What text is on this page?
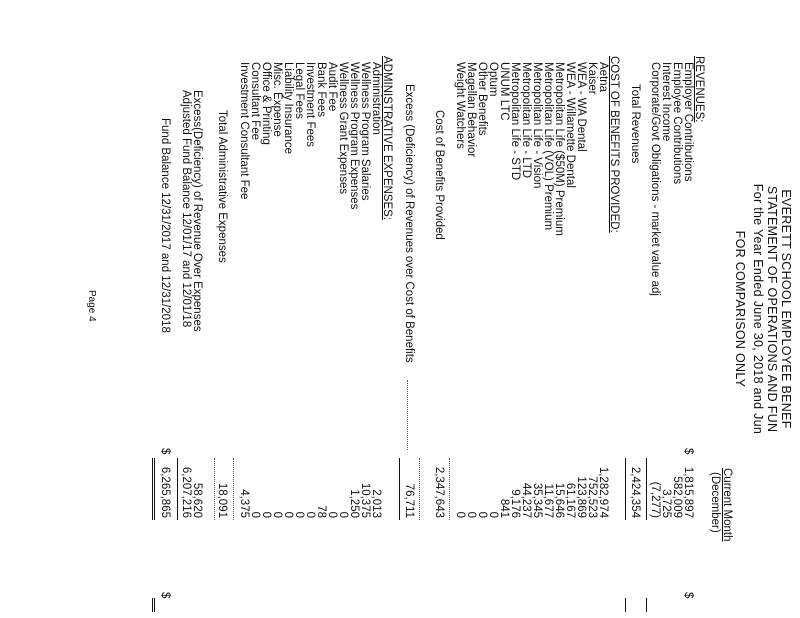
EVERETT SCHOOL EMPLOYEE BENEF
STATEMENT OF OPERATIONS AND FUN
For the Year Ended June 30, 2018 and Jun
FOR COMPARISON ONLY
Current Month
(December)
REVENUES:
Employer Contributions
$
1,815,897
$
Employee Contributions
582,009
Interest Income
3,725
Corporate/Govt Obligations - market value adj
(7,277)
Total Revenues
2,424,354
COST OF BENEFITS PROVIDED:
Aetna
1,282,974
Kaiser
752,523
WEA - WA Dental
123,869
WEA - Willamette Dental
61,167
Metropolitan Life ($50M) Premium
15,646
Metropolitan Life (VOL) Premium
11,677
Metropolitan Life - Vision
35,345
Metropolitan Life - LTD
44,237
Metropolitan Life - STD
9,176
UNUM LTC
841
Optum
0
Other Benefits
0
Magellan Behavior
0
Weight Watchers
0
Cost of Benefits Provided
2,347,643
Excess (Deficiency) of Revenues over Cost of Benefits
76,711
ADMINISTRATIVE EXPENSES:
Administration
2,013
Wellness Program Salaries
10,375
Wellness Program Expenses
1,250
Wellness Grant Expenses
0
Audit Fee
0
Bank Fees
78
Investment Fees
0
Legal Fees
0
Liability Insurance
0
Misc. Expense
0
Office & Printing
0
Consultant Fee
0
Investment Consultant Fee
4,375
Total Administrative Expenses
18,091
Excess(Deficiency) of Revenue Over Expenses
58,620
Adjusted Fund Balance 12/01/17 and 12/01/18
6,207,216
Fund Balance 12/31/2017 and 12/31/2018
$
6,265,865
$
Page 4
